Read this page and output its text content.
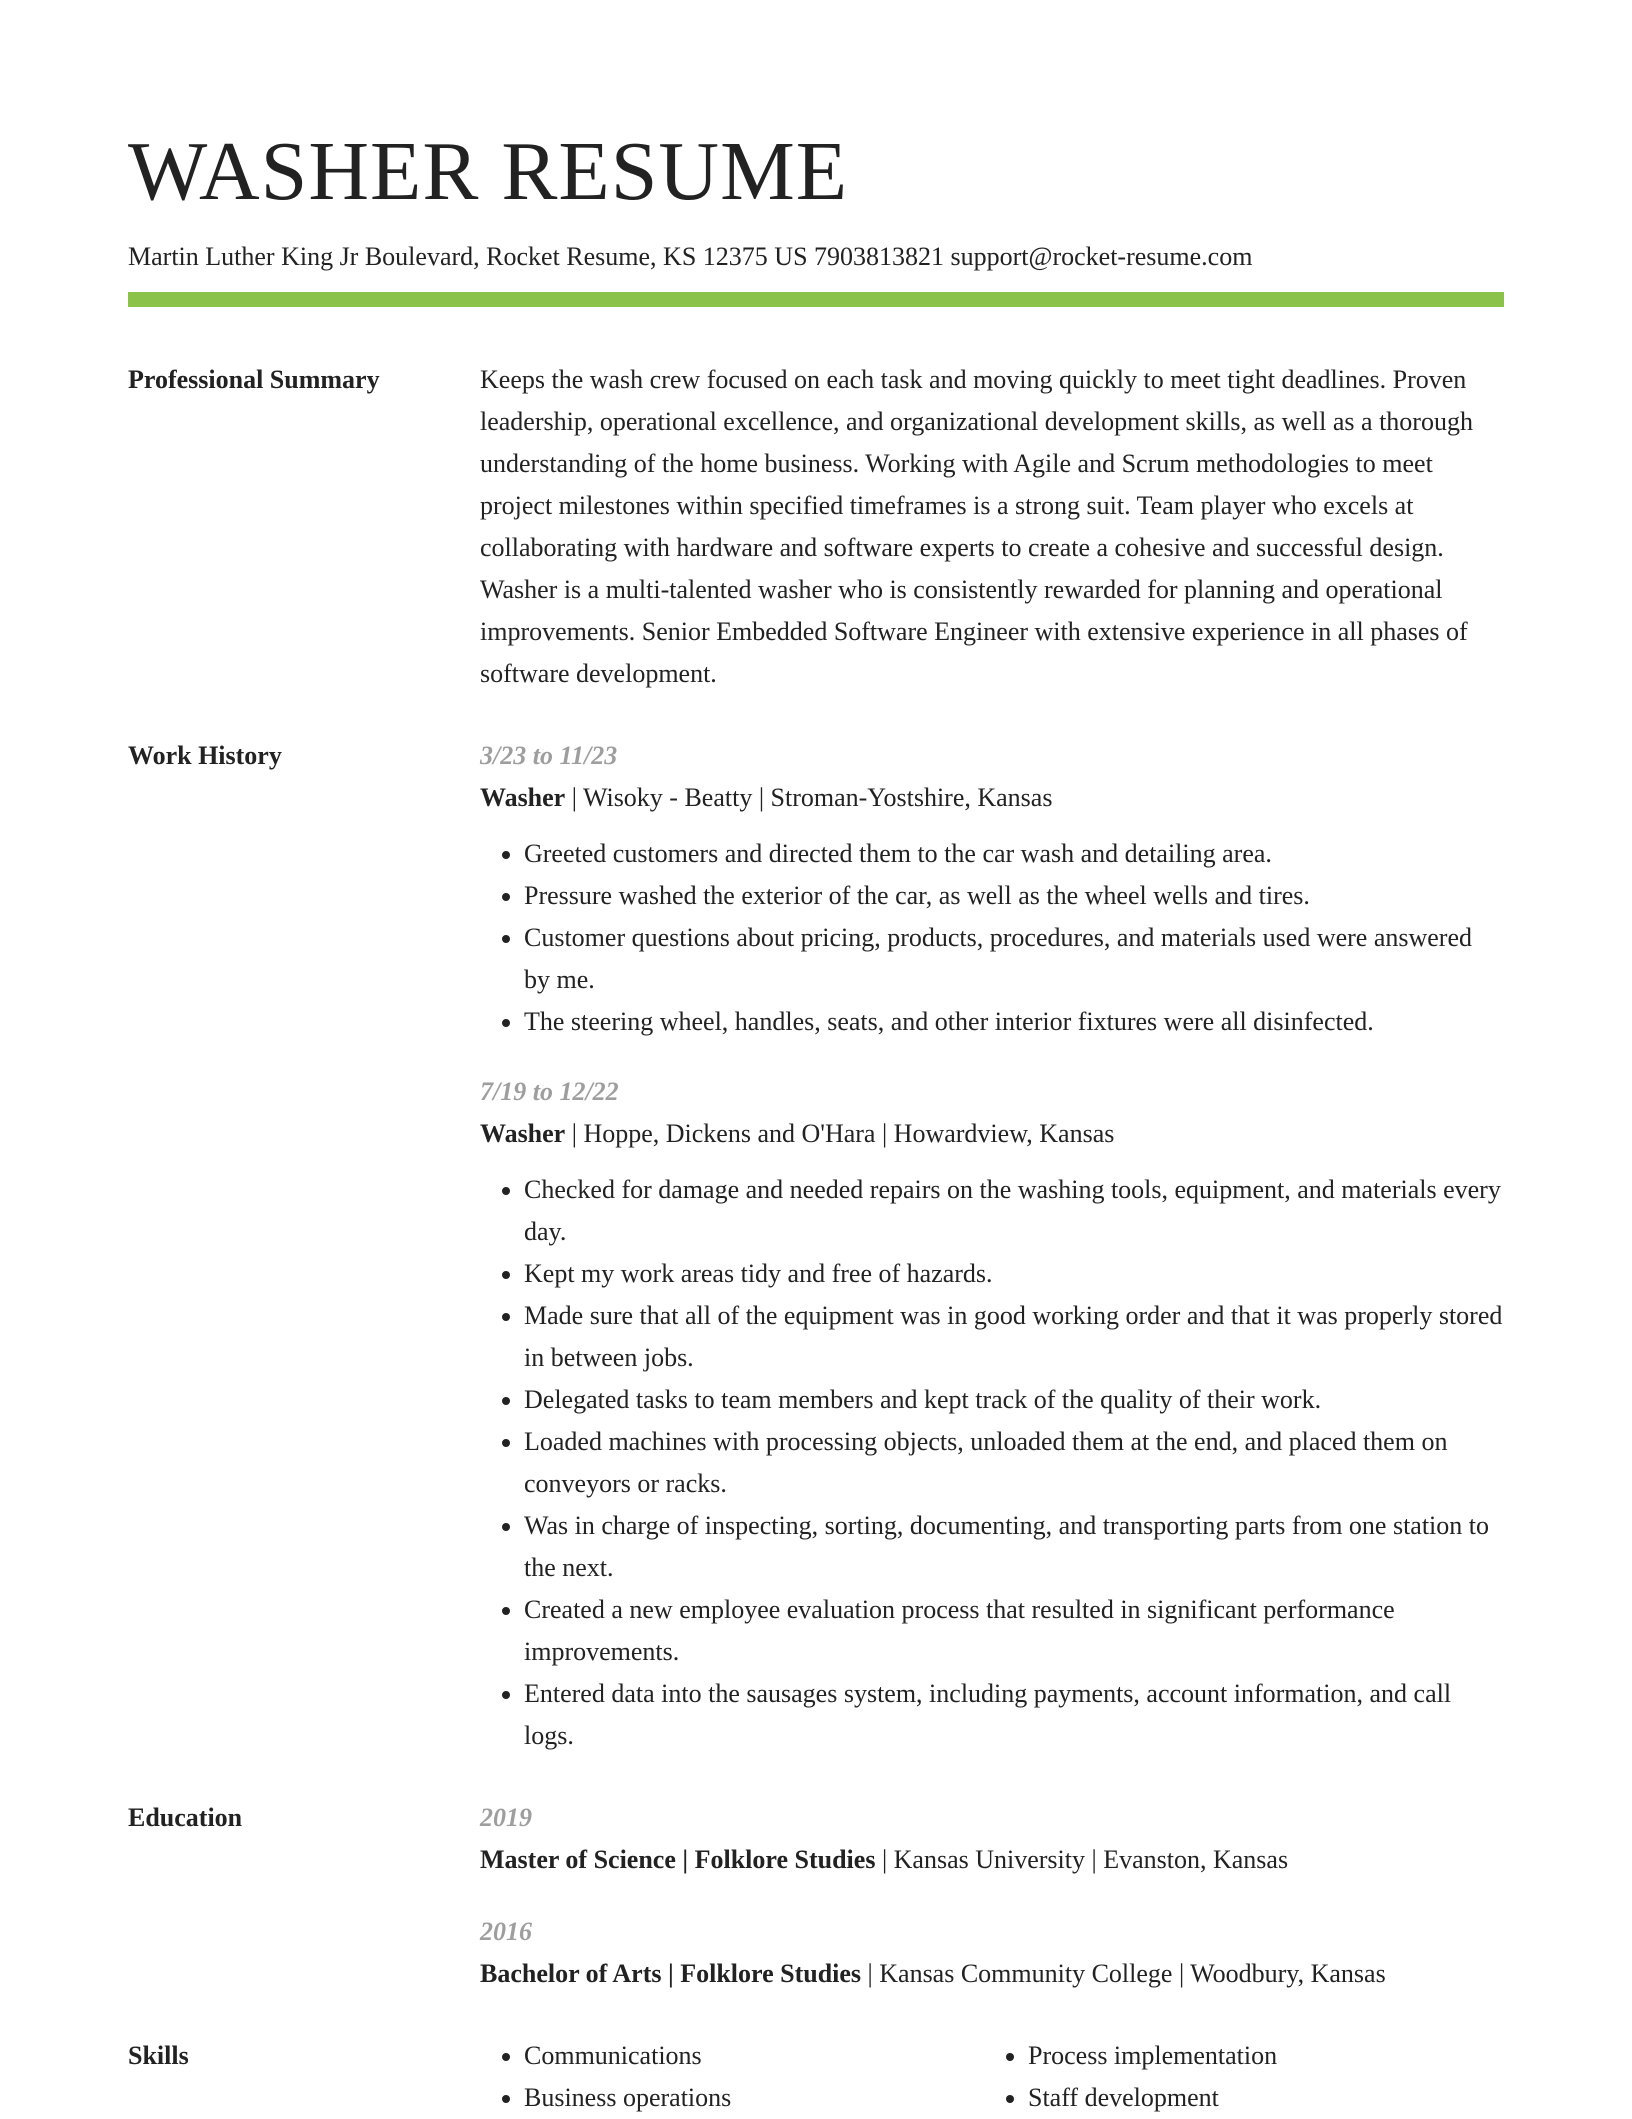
WASHER RESUME
Martin Luther King Jr Boulevard, Rocket Resume, KS 12375 US 7903813821 support@rocket-resume.com
Professional Summary	Keeps the wash crew focused on each task and moving quickly to meet tight deadlines. Proven leadership, operational excellence, and organizational development skills, as well as a thorough understanding of the home business. Working with Agile and Scrum methodologies to meet project milestones within specified timeframes is a strong suit. Team player who excels at collaborating with hardware and software experts to create a cohesive and successful design. Washer is a multi-talented washer who is consistently rewarded for planning and operational improvements. Senior Embedded Software Engineer with extensive experience in all phases of software development.
Work History	3/23 to 11/23
Washer | Wisoky - Beatty | Stroman-Yostshire, Kansas
• Greeted customers and directed them to the car wash and detailing area.
• Pressure washed the exterior of the car, as well as the wheel wells and tires.
• Customer questions about pricing, products, procedures, and materials used were answered by me.
• The steering wheel, handles, seats, and other interior fixtures were all disinfected.
7/19 to 12/22
Washer | Hoppe, Dickens and O'Hara | Howardview, Kansas
• Checked for damage and needed repairs on the washing tools, equipment, and materials every day.
• Kept my work areas tidy and free of hazards.
• Made sure that all of the equipment was in good working order and that it was properly stored in between jobs.
• Delegated tasks to team members and kept track of the quality of their work.
• Loaded machines with processing objects, unloaded them at the end, and placed them on conveyors or racks.
• Was in charge of inspecting, sorting, documenting, and transporting parts from one station to the next.
• Created a new employee evaluation process that resulted in significant performance improvements.
• Entered data into the sausages system, including payments, account information, and call logs.
Education	2019
Master of Science | Folklore Studies | Kansas University | Evanston, Kansas
2016
Bachelor of Arts | Folklore Studies | Kansas Community College | Woodbury, Kansas
Skills
•	Communications
• Business operations
• Process implementation
• Staff development
